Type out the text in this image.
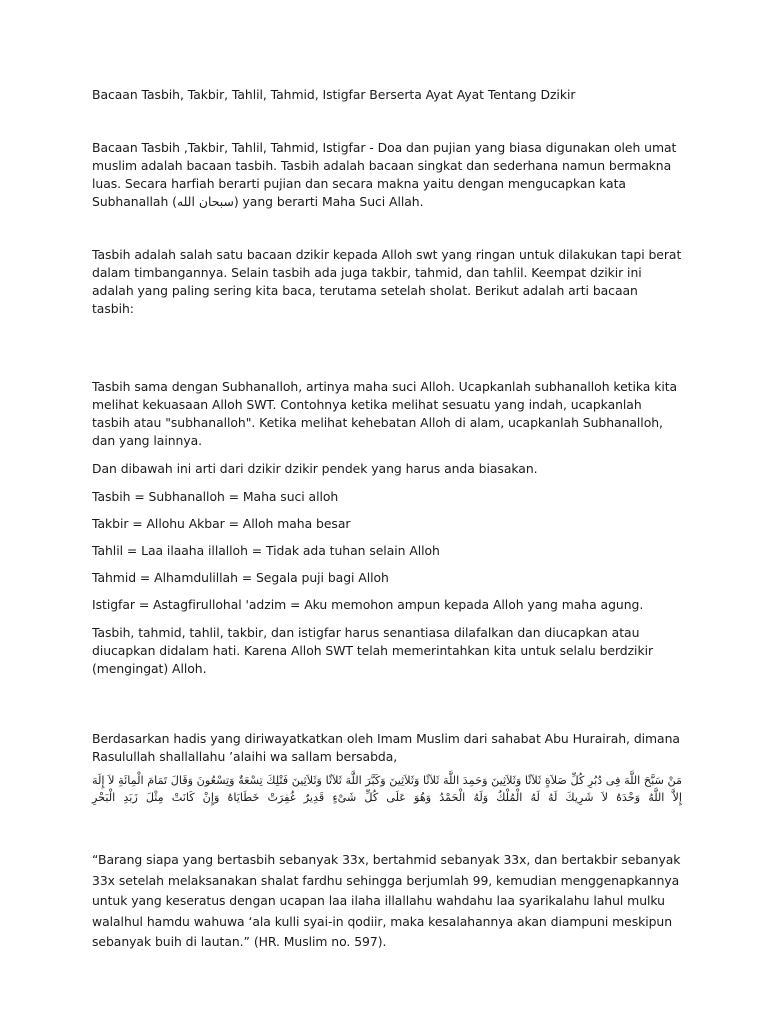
Bacaan Tasbih, Takbir, Tahlil, Tahmid, Istigfar Berserta Ayat Ayat Tentang Dzikir

Bacaan Tasbih ,Takbir, Tahlil, Tahmid, Istigfar - Doa dan pujian yang biasa digunakan oleh umat muslim adalah bacaan tasbih. Tasbih adalah bacaan singkat dan sederhana namun bermakna luas. Secara harfiah berarti pujian dan secara makna yaitu dengan mengucapkan kata Subhanallah (سبحان الله) yang berarti Maha Suci Allah.

Tasbih adalah salah satu bacaan dzikir kepada Alloh swt yang ringan untuk dilakukan tapi berat dalam timbangannya. Selain tasbih ada juga takbir, tahmid, dan tahlil. Keempat dzikir ini adalah yang paling sering kita baca, terutama setelah sholat. Berikut adalah arti bacaan tasbih:

Tasbih sama dengan Subhanalloh, artinya maha suci Alloh. Ucapkanlah subhanalloh ketika kita melihat kekuasaan Alloh SWT. Contohnya ketika melihat sesuatu yang indah, ucapkanlah tasbih atau "subhanalloh". Ketika melihat kehebatan Alloh di alam, ucapkanlah Subhanalloh, dan yang lainnya.

Dan dibawah ini arti dari dzikir dzikir pendek yang harus anda biasakan.

Tasbih = Subhanalloh = Maha suci alloh

Takbir = Allohu Akbar = Alloh maha besar

Tahlil = Laa ilaaha illalloh = Tidak ada tuhan selain Alloh

Tahmid = Alhamdulillah = Segala puji bagi Alloh

Istigfar = Astagfirullohal 'adzim = Aku memohon ampun kepada Alloh yang maha agung.

Tasbih, tahmid, tahlil, takbir, dan istigfar harus senantiasa dilafalkan dan diucapkan atau diucapkan didalam hati. Karena Alloh SWT telah memerintahkan kita untuk selalu berdzikir (mengingat) Alloh.

Berdasarkan hadis yang diriwayatkatkan oleh Imam Muslim dari sahabat Abu Hurairah, dimana Rasulullah shallallahu ’alaihi wa sallam bersabda,

مَنْ سَبَّحَ اللَّهَ فِى دُبُرِ كُلِّ صَلاَةٍ ثَلاَثًا وَثَلاَثِينَ وَحَمِدَ اللَّهَ ثَلاَثًا وَثَلاَثِينَ وَكَبَّرَ اللَّهَ ثَلاَثًا وَثَلاَثِينَ فَتْلِكَ تِسْعَةٌ وَتِسْعُونَ وَقَالَ تَمَامَ الْمِائَةِ لاَ إِلَهَ إِلاَّ اللَّهُ وَحْدَهُ لاَ شَرِيكَ لَهُ لَهُ الْمُلْكُ وَلَهُ الْحَمْدُ وَهُوَ عَلَى كُلِّ شَىْءٍ قَدِيرٌ غُفِرَتْ خَطَايَاهُ وَإِنْ كَانَتْ مِثْلَ زَبَدِ الْبَحْرِ

“Barang siapa yang bertasbih sebanyak 33x, bertahmid sebanyak 33x, dan bertakbir sebanyak 33x setelah melaksanakan shalat fardhu sehingga berjumlah 99, kemudian menggenapkannya untuk yang keseratus dengan ucapan laa ilaha illallahu wahdahu laa syarikalahu lahul mulku walalhul hamdu wahuwa ‘ala kulli syai-in qodiir, maka kesalahannya akan diampuni meskipun sebanyak buih di lautan.” (HR. Muslim no. 597).
